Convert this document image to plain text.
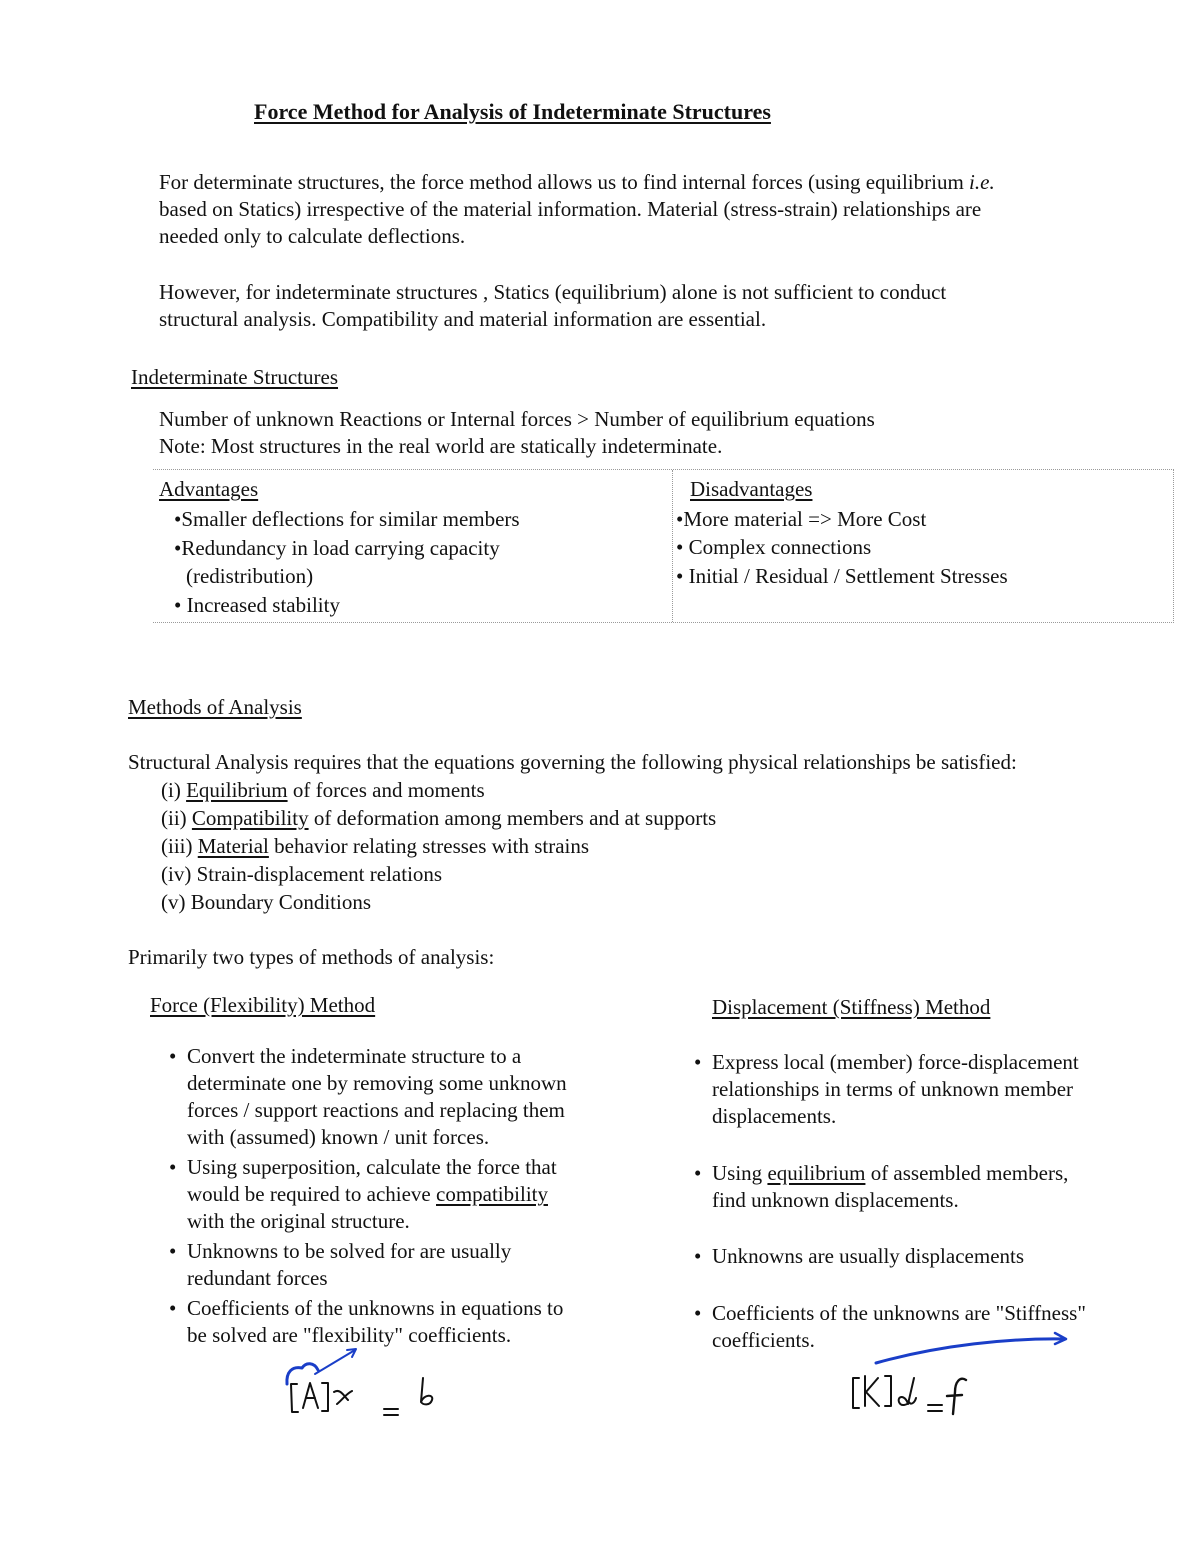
Force Method for Analysis of Indeterminate Structures
For determinate structures, the force method allows us to find internal forces (using equilibrium i.e.
based on Statics) irrespective of the material information. Material (stress-strain) relationships are
needed only to calculate deflections.
However, for indeterminate structures , Statics (equilibrium) alone is not sufficient to conduct
structural analysis. Compatibility and material information are essential.
Indeterminate Structures
Number of unknown Reactions or Internal forces > Number of equilibrium equations
Note: Most structures in the real world are statically indeterminate.
Advantages
•Smaller deflections for similar members
•Redundancy in load carrying capacity
(redistribution)
• Increased stability
Disadvantages
•More material => More Cost
• Complex connections
• Initial / Residual / Settlement Stresses
Methods of Analysis
Structural Analysis requires that the equations governing the following physical relationships be satisfied:
(i) Equilibrium of forces and moments
(ii) Compatibility of deformation among members and at supports
(iii) Material behavior relating stresses with strains
(iv) Strain-displacement relations
(v) Boundary Conditions
Primarily two types of methods of analysis:
Force (Flexibility) Method
• Convert the indeterminate structure to a
determinate one by removing some unknown
forces / support reactions and replacing them
with (assumed) known / unit forces.
• Using superposition, calculate the force that
would be required to achieve compatibility
with the original structure.
• Unknowns to be solved for are usually
redundant forces
• Coefficients of the unknowns in equations to
be solved are "flexibility" coefficients.
Displacement (Stiffness) Method
• Express local (member) force-displacement
relationships in terms of unknown member
displacements.
• Using equilibrium of assembled members,
find unknown displacements.
• Unknowns are usually displacements
• Coefficients of the unknowns are "Stiffness"
coefficients.
